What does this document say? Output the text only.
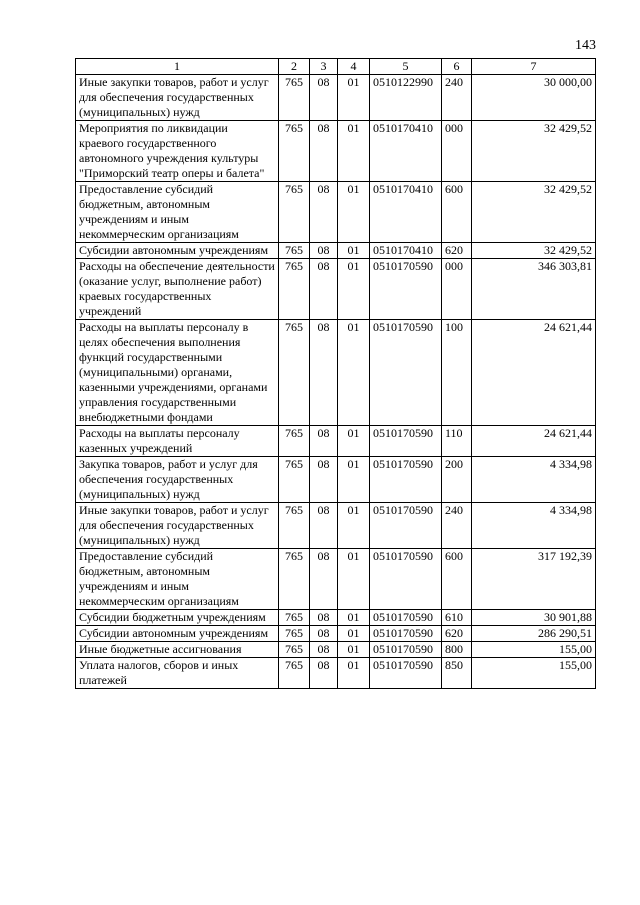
143
1	2	3	4	5	6	7
Иные закупки товаров, работ и услуг для обеспечения государственных (муниципальных) нужд	765	08	01	0510122990	240	30 000,00
Мероприятия по ликвидации краевого государственного автономного учреждения культуры "Приморский театр оперы и балета"	765	08	01	0510170410	000	32 429,52
Предоставление субсидий бюджетным, автономным учреждениям и иным некоммерческим организациям	765	08	01	0510170410	600	32 429,52
Субсидии автономным учреждениям	765	08	01	0510170410	620	32 429,52
Расходы на обеспечение деятельности (оказание услуг, выполнение работ) краевых государственных учреждений	765	08	01	0510170590	000	346 303,81
Расходы на выплаты персоналу в целях обеспечения выполнения функций государственными (муниципальными) органами, казенными учреждениями, органами управления государственными внебюджетными фондами	765	08	01	0510170590	100	24 621,44
Расходы на выплаты персоналу казенных учреждений	765	08	01	0510170590	110	24 621,44
Закупка товаров, работ и услуг для обеспечения государственных (муниципальных) нужд	765	08	01	0510170590	200	4 334,98
Иные закупки товаров, работ и услуг для обеспечения государственных (муниципальных) нужд	765	08	01	0510170590	240	4 334,98
Предоставление субсидий бюджетным, автономным учреждениям и иным некоммерческим организациям	765	08	01	0510170590	600	317 192,39
Субсидии бюджетным учреждениям	765	08	01	0510170590	610	30 901,88
Субсидии автономным учреждениям	765	08	01	0510170590	620	286 290,51
Иные бюджетные ассигнования	765	08	01	0510170590	800	155,00
Уплата налогов, сборов и иных платежей	765	08	01	0510170590	850	155,00
